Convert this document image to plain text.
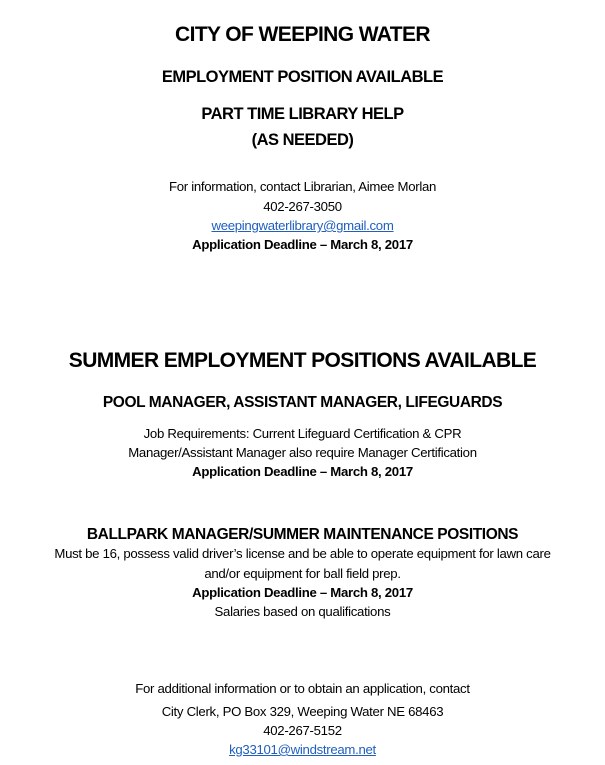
CITY OF WEEPING WATER
EMPLOYMENT POSITION AVAILABLE
PART TIME LIBRARY HELP
(AS NEEDED)
For information, contact Librarian, Aimee Morlan
402-267-3050
weepingwaterlibrary@gmail.com
Application Deadline – March 8, 2017
SUMMER EMPLOYMENT POSITIONS AVAILABLE
POOL MANAGER, ASSISTANT MANAGER, LIFEGUARDS
Job Requirements: Current Lifeguard Certification & CPR
Manager/Assistant Manager also require Manager Certification
Application Deadline – March 8, 2017
BALLPARK MANAGER/SUMMER MAINTENANCE POSITIONS
Must be 16, possess valid driver’s license and be able to operate equipment for lawn care
and/or equipment for ball field prep.
Application Deadline – March 8, 2017
Salaries based on qualifications
For additional information or to obtain an application, contact
City Clerk, PO Box 329, Weeping Water NE 68463
402-267-5152
kg33101@windstream.net
